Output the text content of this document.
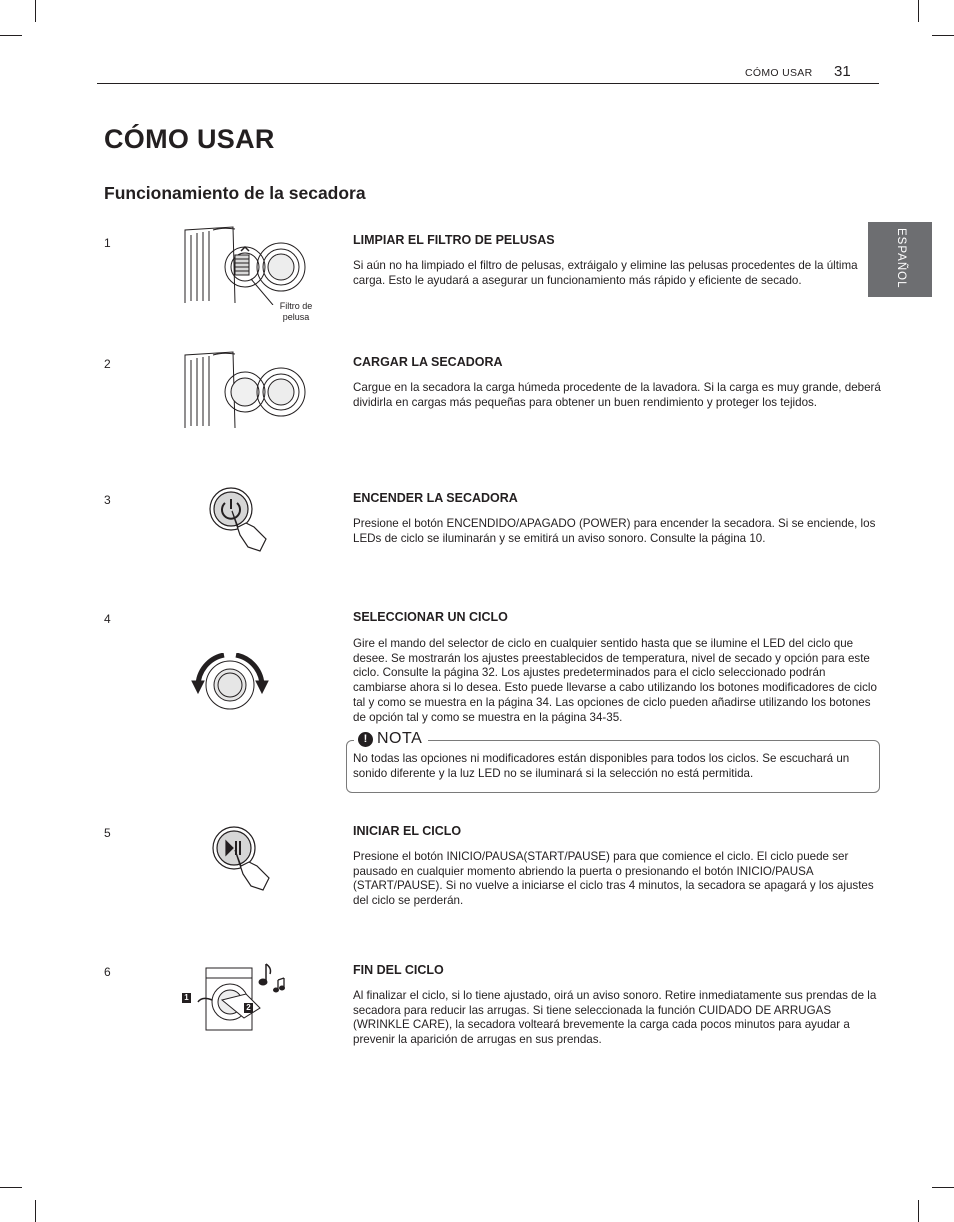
CÓMO USAR 31
CÓMO USAR
Funcionamiento de la secadora
ESPAÑOL
1
Filtro de pelusa
LIMPIAR EL FILTRO DE PELUSAS

Si aún no ha limpiado el filtro de pelusas, extráigalo y elimine las pelusas procedentes de la última carga. Esto le ayudará a asegurar un funcionamiento más rápido y eficiente de secado.

2	CARGAR LA SECADORA

Cargue en la secadora la carga húmeda procedente de la lavadora. Si la carga es muy grande, deberá dividirla en cargas más pequeñas para obtener un buen rendimiento y proteger los tejidos.

3	ENCENDER LA SECADORA

Presione el botón ENCENDIDO/APAGADO (POWER) para encender la secadora. Si se enciende, los LEDs de ciclo se iluminarán y se emitirá un aviso sonoro. Consulte la página 10.

4	SELECCIONAR UN CICLO

Gire el mando del selector de ciclo en cualquier sentido hasta que se ilumine el LED del ciclo que desee. Se mostrarán los ajustes preestablecidos de temperatura, nivel de secado y opción para este ciclo. Consulte la página 32. Los ajustes predeterminados para el ciclo seleccionado podrán cambiarse ahora si lo desea. Esto puede llevarse a cabo utilizando los botones modificadores de ciclo tal y como se muestra en la página 34. Las opciones de ciclo pueden añadirse utilizando los botones de opción tal y como se muestra en la página 34-35.

! NOTA

No todas las opciones ni modificadores están disponibles para todos los ciclos. Se escuchará un sonido diferente y la luz LED no se iluminará si la selección no está permitida.

5	INICIAR EL CICLO

Presione el botón INICIO/PAUSA(START/PAUSE) para que comience el ciclo. El ciclo puede ser pausado en cualquier momento abriendo la puerta o presionando el botón INICIO/PAUSA (START/PAUSE). Si no vuelve a iniciarse el ciclo tras 4 minutos, la secadora se apagará y los ajustes del ciclo se perderán.

6
1
2
FIN DEL CICLO

Al finalizar el ciclo, si lo tiene ajustado, oirá un aviso sonoro. Retire inmediatamente sus prendas de la secadora para reducir las arrugas. Si tiene seleccionada la función CUIDADO DE ARRUGAS (WRINKLE CARE), la secadora volteará brevemente la carga cada pocos minutos para ayudar a prevenir la aparición de arrugas en sus prendas.
